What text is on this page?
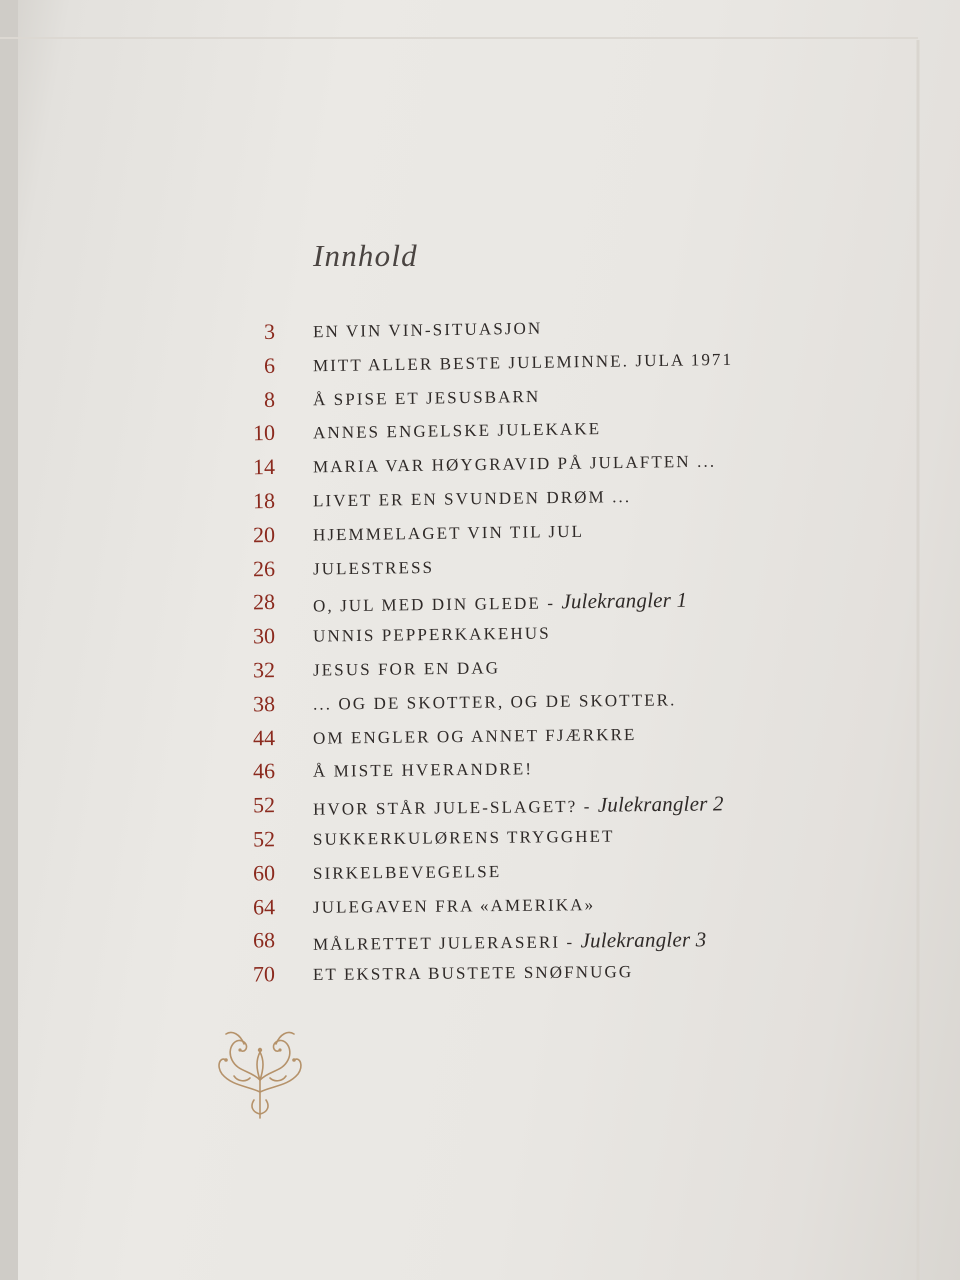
Innhold
3 EN VIN VIN-SITUASJON
6 MITT ALLER BESTE JULEMINNE. JULA 1971
8 Å SPISE ET JESUSBARN
10 ANNES ENGELSKE JULEKAKE
14 MARIA VAR HØYGRAVID PÅ JULAFTEN ...
18 LIVET ER EN SVUNDEN DRØM ...
20 HJEMMELAGET VIN TIL JUL
26 JULESTRESS
28 O, JUL MED DIN GLEDE - Julekrangler 1
30 UNNIS PEPPERKAKEHUS
32 JESUS FOR EN DAG
38 ... OG DE SKOTTER, OG DE SKOTTER.
44 OM ENGLER OG ANNET FJÆRKRE
46 Å MISTE HVERANDRE!
52 HVOR STÅR JULE-SLAGET? - Julekrangler 2
52 SUKKERKULØRENS TRYGGHET
60 SIRKELBEVEGELSE
64 JULEGAVEN FRA «AMERIKA»
68 MÅLRETTET JULERASERI - Julekrangler 3
70 ET EKSTRA BUSTETE SNØFNUGG
